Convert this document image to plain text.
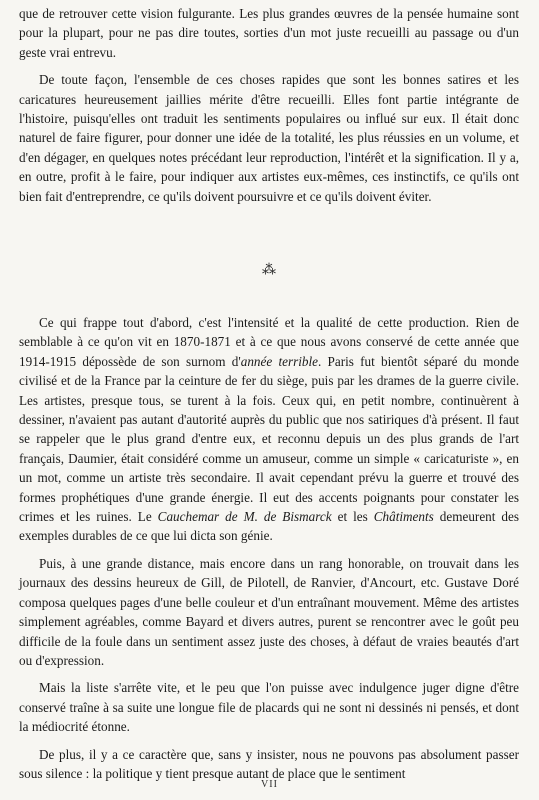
que de retrouver cette vision fulgurante. Les plus grandes œuvres de la pensée humaine sont pour la plupart, pour ne pas dire toutes, sorties d'un mot juste recueilli au passage ou d'un geste vrai entrevu.

De toute façon, l'ensemble de ces choses rapides que sont les bonnes satires et les caricatures heureusement jaillies mérite d'être recueilli. Elles font partie intégrante de l'histoire, puisqu'elles ont traduit les sentiments populaires ou influé sur eux. Il était donc naturel de faire figurer, pour donner une idée de la totalité, les plus réussies en un volume, et d'en dégager, en quelques notes précédant leur reproduction, l'intérêt et la signification. Il y a, en outre, profit à le faire, pour indiquer aux artistes eux-mêmes, ces instinctifs, ce qu'ils ont bien fait d'entreprendre, ce qu'ils doivent poursuivre et ce qu'ils doivent éviter.

⁂

Ce qui frappe tout d'abord, c'est l'intensité et la qualité de cette production. Rien de semblable à ce qu'on vit en 1870-1871 et à ce que nous avons conservé de cette année que 1914-1915 dépossède de son surnom d'année terrible. Paris fut bientôt séparé du monde civilisé et de la France par la ceinture de fer du siège, puis par les drames de la guerre civile. Les artistes, presque tous, se turent à la fois. Ceux qui, en petit nombre, continuèrent à dessiner, n'avaient pas autant d'autorité auprès du public que nos satiriques d'à présent. Il faut se rappeler que le plus grand d'entre eux, et reconnu depuis un des plus grands de l'art français, Daumier, était considéré comme un amuseur, comme un simple « caricaturiste », en un mot, comme un artiste très secondaire. Il avait cependant prévu la guerre et trouvé des formes prophétiques d'une grande énergie. Il eut des accents poignants pour constater les crimes et les ruines. Le Cauchemar de M. de Bismarck et les Châtiments demeurent des exemples durables de ce que lui dicta son génie.

Puis, à une grande distance, mais encore dans un rang honorable, on trouvait dans les journaux des dessins heureux de Gill, de Pilotell, de Ranvier, d'Ancourt, etc. Gustave Doré composa quelques pages d'une belle couleur et d'un entraînant mouvement. Même des artistes simplement agréables, comme Bayard et divers autres, purent se rencontrer avec le goût peu difficile de la foule dans un sentiment assez juste des choses, à défaut de vraies beautés d'art ou d'expression.

Mais la liste s'arrête vite, et le peu que l'on puisse avec indulgence juger digne d'être conservé traîne à sa suite une longue file de placards qui ne sont ni dessinés ni pensés, et dont la médiocrité étonne.

De plus, il y a ce caractère que, sans y insister, nous ne pouvons pas absolument passer sous silence : la politique y tient presque autant de place que le sentiment

VII
